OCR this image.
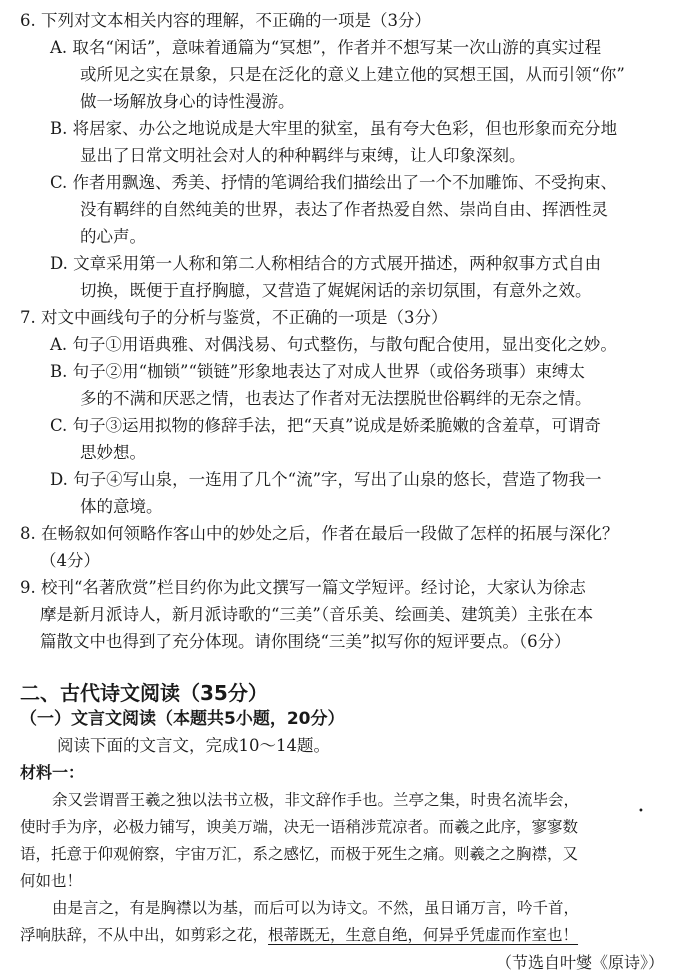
6. 下列对文本相关内容的理解，不正确的一项是（3分）
A. 取名“闲话”，意味着通篇为“冥想”，作者并不想写某一次山游的真实过程
或所见之实在景象，只是在泛化的意义上建立他的冥想王国，从而引领“你”
做一场解放身心的诗性漫游。
B. 将居家、办公之地说成是大牢里的狱室，虽有夸大色彩，但也形象而充分地
显出了日常文明社会对人的种种羁绊与束缚，让人印象深刻。
C. 作者用飘逸、秀美、抒情的笔调给我们描绘出了一个不加雕饰、不受拘束、
没有羁绊的自然纯美的世界，表达了作者热爱自然、崇尚自由、挥洒性灵
的心声。
D. 文章采用第一人称和第二人称相结合的方式展开描述，两种叙事方式自由
切换，既便于直抒胸臆，又营造了娓娓闲话的亲切氛围，有意外之效。
7. 对文中画线句子的分析与鉴赏，不正确的一项是（3分）
A. 句子①用语典雅、对偶浅易、句式整伤，与散句配合使用，显出变化之妙。
B. 句子②用“枷锁”“锁链”形象地表达了对成人世界（或俗务琐事）束缚太
多的不满和厌恶之情，也表达了作者对无法摆脱世俗羁绊的无奈之情。
C. 句子③运用拟物的修辞手法，把“天真”说成是娇柔脆嫩的含羞草，可谓奇
思妙想。
D. 句子④写山泉，一连用了几个“流”字，写出了山泉的悠长，营造了物我一
体的意境。
8. 在畅叙如何领略作客山中的妙处之后，作者在最后一段做了怎样的拓展与深化？
（4分）
9. 校刊“名著欣赏”栏目约你为此文撰写一篇文学短评。经讨论，大家认为徐志
摩是新月派诗人，新月派诗歌的“三美”（音乐美、绘画美、建筑美）主张在本
篇散文中也得到了充分体现。请你围绕“三美”拟写你的短评要点。（6分）
二、古代诗文阅读（35分）
（一）文言文阅读（本题共5小题，20分）
阅读下面的文言文，完成10～14题。
材料一：
余又尝谓晋王羲之独以法书立极，非文辞作手也。兰亭之集，时贵名流毕会，
•
使时手为序，必极力铺写，谀美万端，决无一语稍涉荒凉者。而羲之此序，寥寥数
语，托意于仰观俯察，宇宙万汇，系之感忆，而极于死生之痛。则羲之之胸襟，又
何如也！
由是言之，有是胸襟以为基，而后可以为诗文。不然，虽日诵万言，吟千首，
浮响肤辞，不从中出，如剪彩之花，根蒂既无，生意自绝，何异乎凭虚而作室也！
（节选自叶燮《原诗》）
